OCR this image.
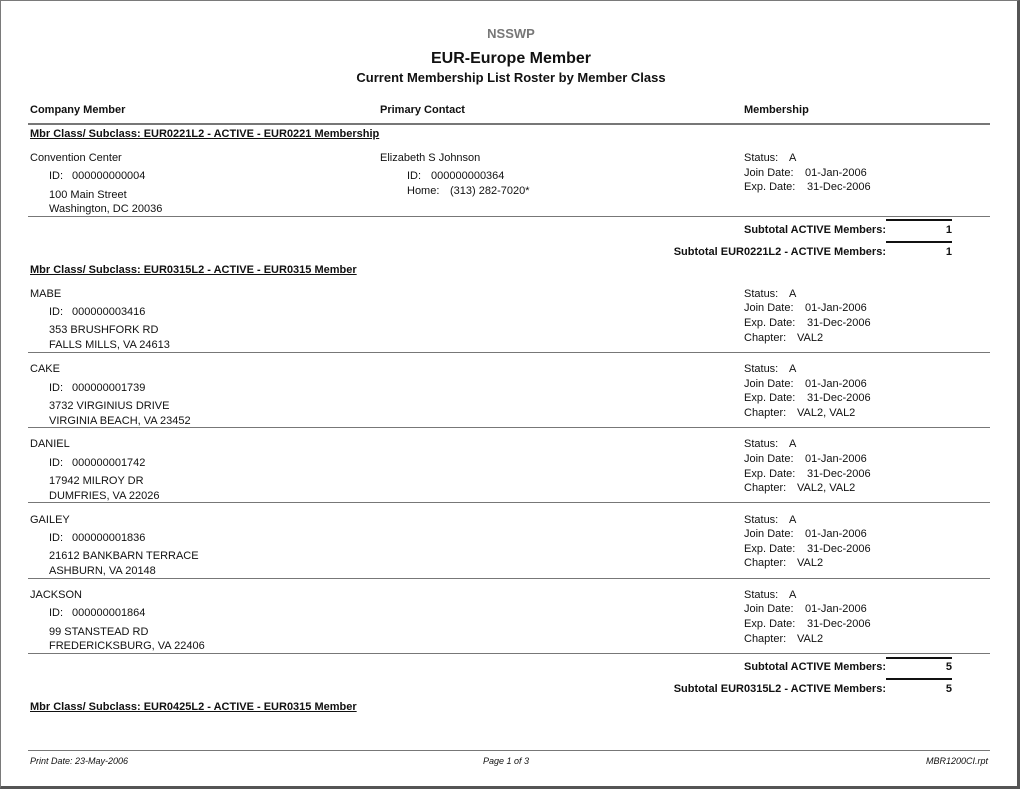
NSSWP
EUR-Europe Member
Current Membership List Roster by Member Class
Company Member	Primary Contact	Membership
Mbr Class/ Subclass: EUR0221L2 - ACTIVE - EUR0221 Membership
Convention Center
ID: 000000000004
100 Main Street
Washington, DC 20036
Elizabeth S Johnson
ID: 000000000364
Home: (313) 282-7020*
Status: A
Join Date: 01-Jan-2006
Exp. Date: 31-Dec-2006
Subtotal ACTIVE Members:	1
Subtotal EUR0221L2 - ACTIVE Members:	1
Mbr Class/ Subclass: EUR0315L2 - ACTIVE - EUR0315 Member
MABE
ID: 000000003416
353 BRUSHFORK RD
FALLS MILLS, VA 24613
Status: A
Join Date: 01-Jan-2006
Exp. Date: 31-Dec-2006
Chapter: VAL2
CAKE
ID: 000000001739
3732 VIRGINIUS DRIVE
VIRGINIA BEACH, VA 23452
Status: A
Join Date: 01-Jan-2006
Exp. Date: 31-Dec-2006
Chapter: VAL2, VAL2
DANIEL
ID: 000000001742
17942 MILROY DR
DUMFRIES, VA 22026
Status: A
Join Date: 01-Jan-2006
Exp. Date: 31-Dec-2006
Chapter: VAL2, VAL2
GAILEY
ID: 000000001836
21612 BANKBARN TERRACE
ASHBURN, VA 20148
Status: A
Join Date: 01-Jan-2006
Exp. Date: 31-Dec-2006
Chapter: VAL2
JACKSON
ID: 000000001864
99 STANSTEAD RD
FREDERICKSBURG, VA 22406
Status: A
Join Date: 01-Jan-2006
Exp. Date: 31-Dec-2006
Chapter: VAL2
Subtotal ACTIVE Members:	5
Subtotal EUR0315L2 - ACTIVE Members:	5
Mbr Class/ Subclass: EUR0425L2 - ACTIVE - EUR0315 Member
Print Date: 23-May-2006	Page 1 of 3	MBR1200CI.rpt
